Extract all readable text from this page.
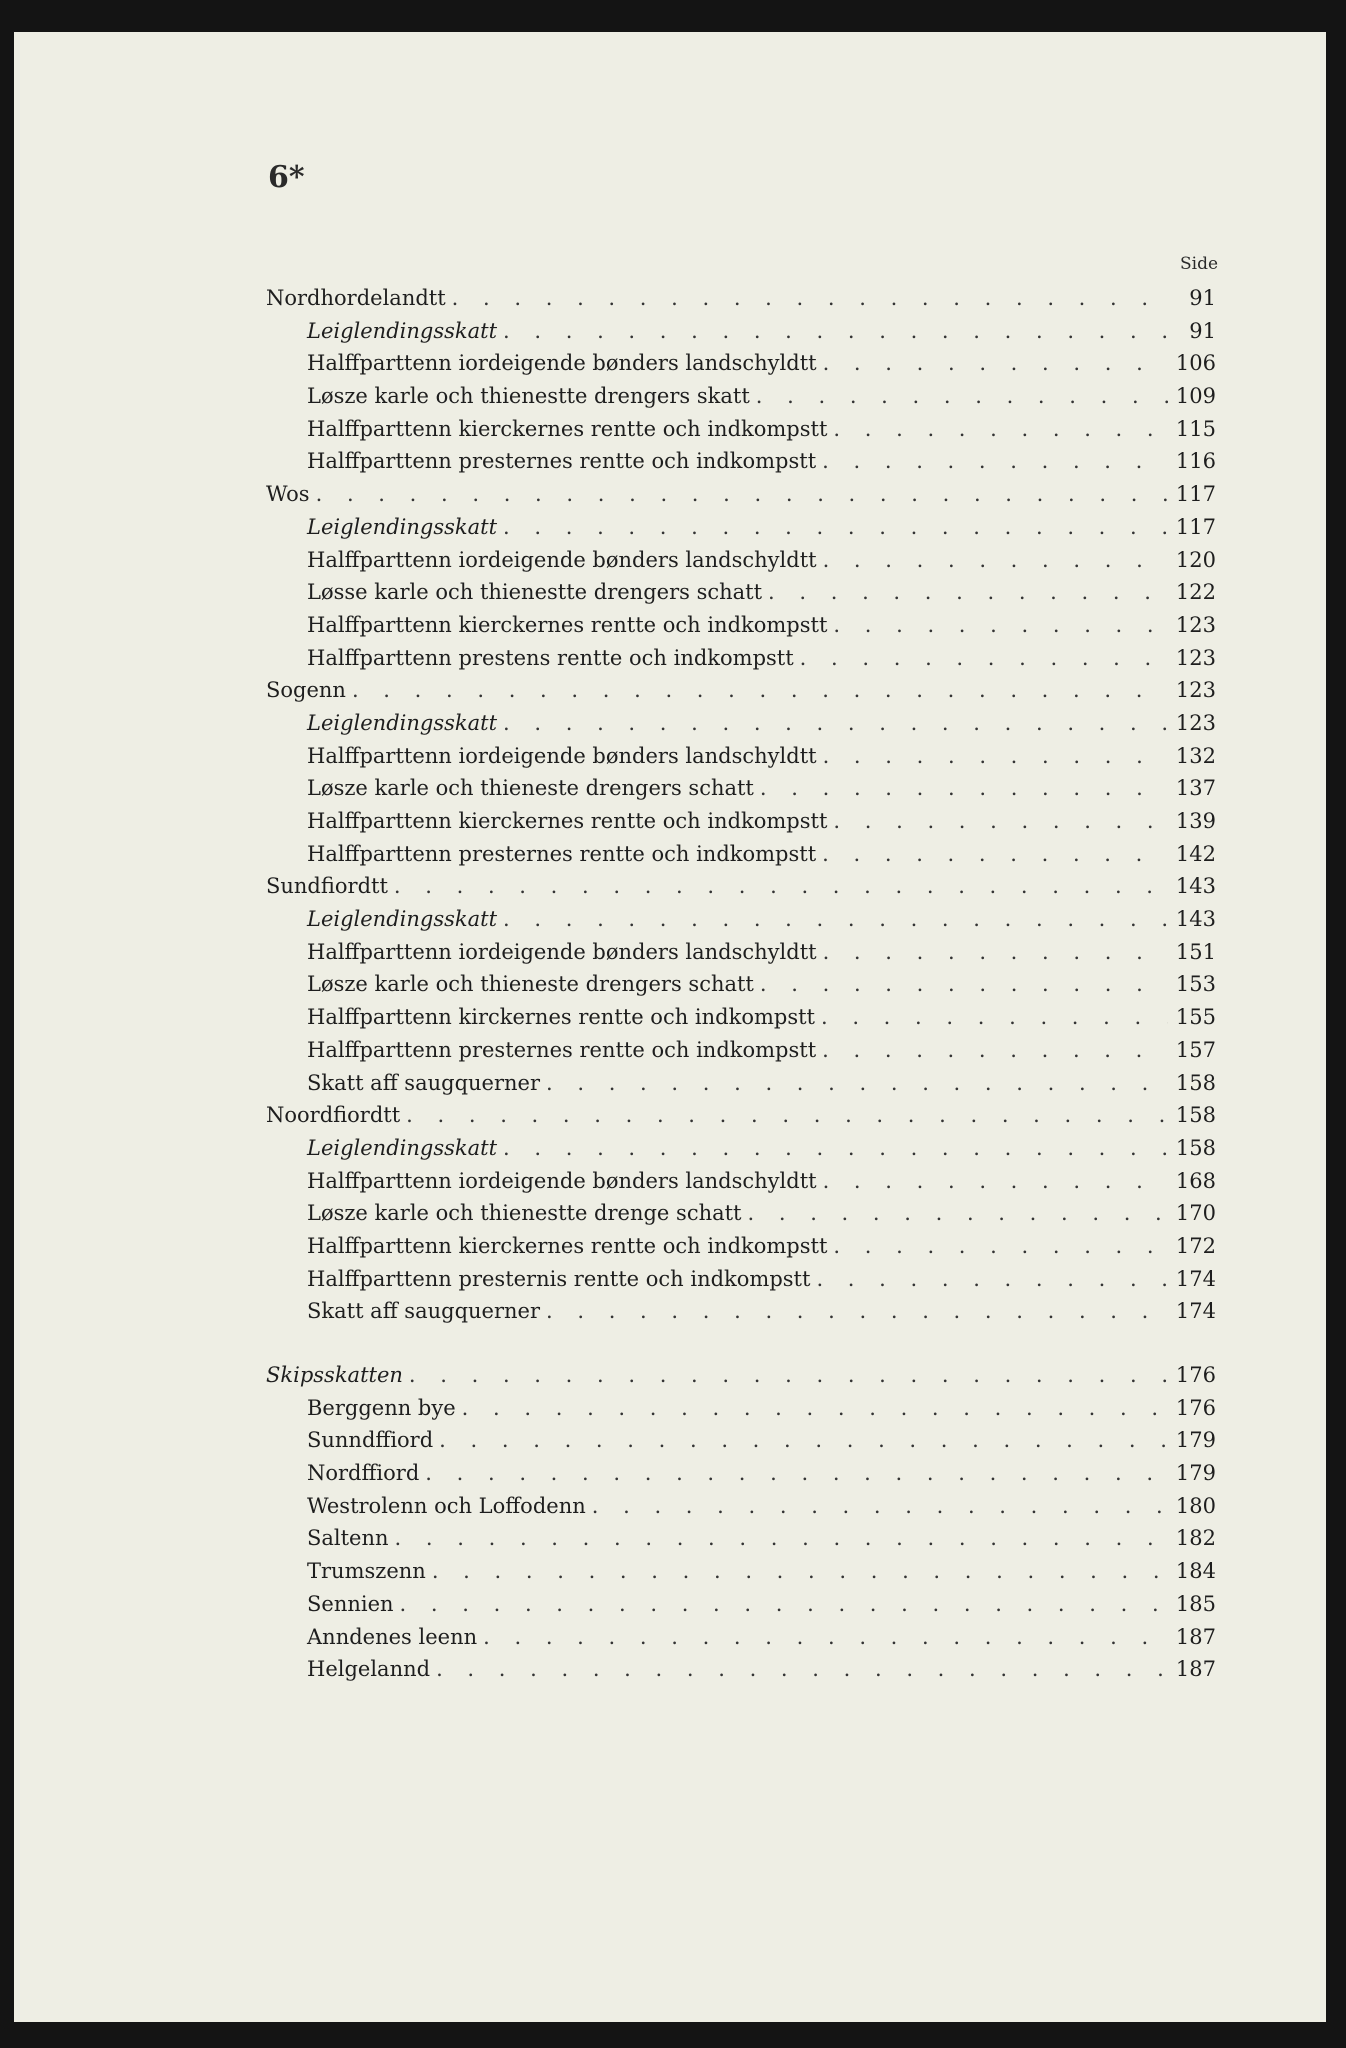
6*
Side
Nordhordelandtt . . .	91
Leiglendingsskatt . . .	91
Halffparttenn iordeigende bønders landschyldtt . . .	106
Løsze karle och thienestte drengers skatt . . .	109
Halffparttenn kierckernes rentte och indkompstt . . .	115
Halffparttenn presternes rentte och indkompstt . . .	116
Wos . . .	117
Leiglendingsskatt . . .	117
Halffparttenn iordeigende bønders landschyldtt . . .	120
Løsse karle och thienestte drengers schatt . . .	122
Halffparttenn kierckernes rentte och indkompstt . . .	123
Halffparttenn prestens rentte och indkompstt . . .	123
Sogenn . . .	123
Leiglendingsskatt . . .	123
Halffparttenn iordeigende bønders landschyldtt . . .	132
Løsze karle och thieneste drengers schatt . . .	137
Halffparttenn kierckernes rentte och indkompstt . . .	139
Halffparttenn presternes rentte och indkompstt . . .	142
Sundfiordtt . . .	143
Leiglendingsskatt . . .	143
Halffparttenn iordeigende bønders landschyldtt . . .	151
Løsze karle och thieneste drengers schatt . . .	153
Halffparttenn kirckernes rentte och indkompstt . . .	155
Halffparttenn presternes rentte och indkompstt . . .	157
Skatt aff saugquerner . . .	158
Noordfiordtt . . .	158
Leiglendingsskatt . . .	158
Halffparttenn iordeigende bønders landschyldtt . . .	168
Løsze karle och thienestte drenge schatt . . .	170
Halffparttenn kierckernes rentte och indkompstt . . .	172
Halffparttenn presternis rentte och indkompstt . . .	174
Skatt aff saugquerner . . .	174
Skipsskatten . . .	176
Berggenn bye . . .	176
Sunndffiord . . .	179
Nordffiord . . .	179
Westrolenn och Loffodenn . . .	180
Saltenn . . .	182
Trumszenn . . .	184
Sennien . . .	185
Anndenes leenn . . .	187
Helgelannd . . .	187
